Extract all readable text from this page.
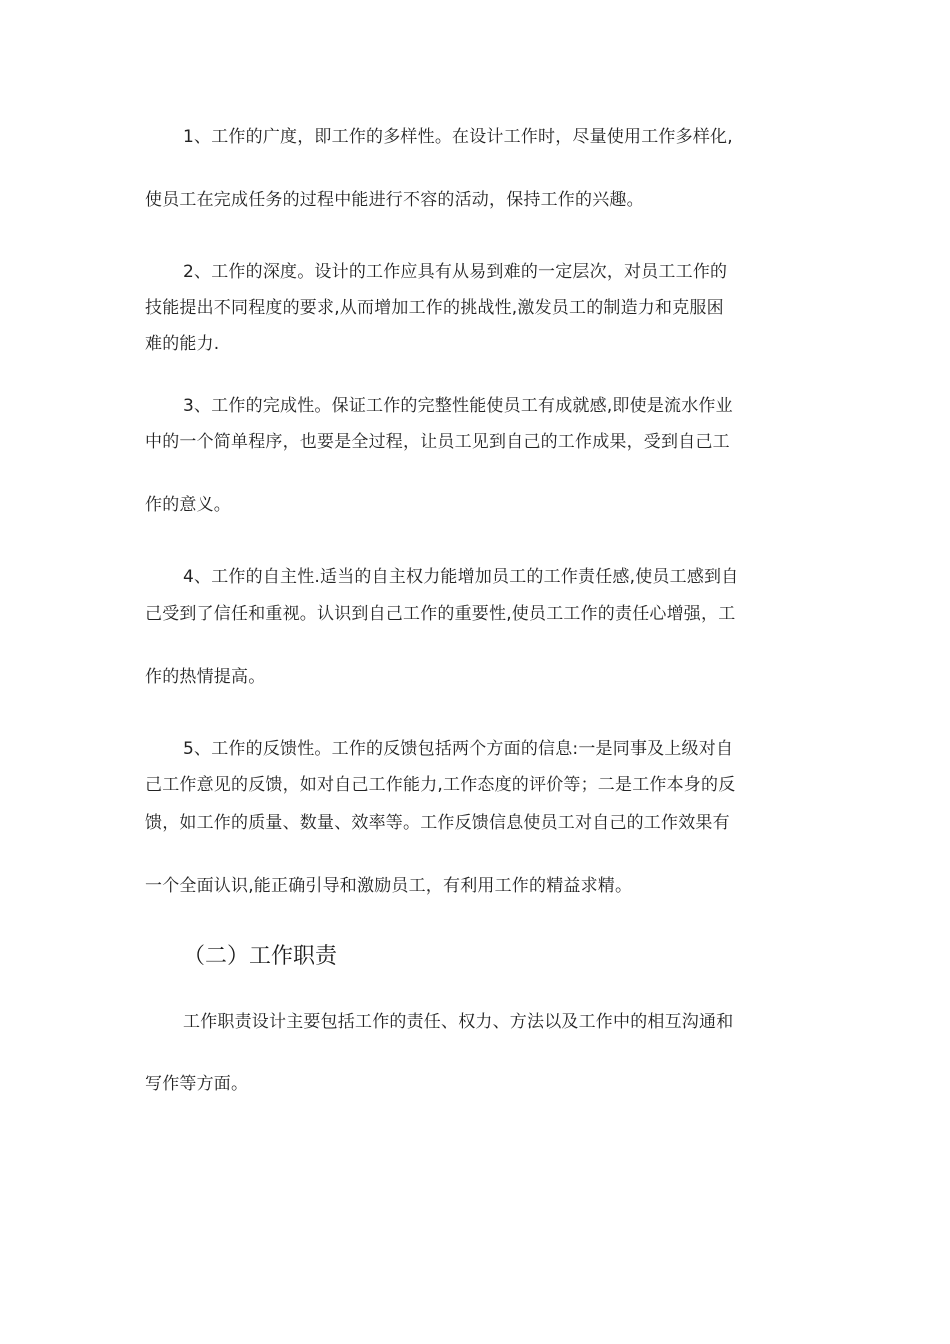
1、工作的广度，即工作的多样性。在设计工作时，尽量使用工作多样化,

使员工在完成任务的过程中能进行不容的活动，保持工作的兴趣。

2、工作的深度。设计的工作应具有从易到难的一定层次，对员工工作的

技能提出不同程度的要求,从而增加工作的挑战性,激发员工的制造力和克服困

难的能力.

3、工作的完成性。保证工作的完整性能使员工有成就感,即使是流水作业

中的一个简单程序，也要是全过程，让员工见到自己的工作成果，受到自己工

作的意义。

4、工作的自主性.适当的自主权力能增加员工的工作责任感,使员工感到自

己受到了信任和重视。认识到自己工作的重要性,使员工工作的责任心增强，工

作的热情提高。

5、工作的反馈性。工作的反馈包括两个方面的信息:一是同事及上级对自

己工作意见的反馈，如对自己工作能力,工作态度的评价等；二是工作本身的反

馈，如工作的质量、数量、效率等。工作反馈信息使员工对自己的工作效果有

一个全面认识,能正确引导和激励员工，有利用工作的精益求精。

（二）工作职责

工作职责设计主要包括工作的责任、权力、方法以及工作中的相互沟通和

写作等方面。
